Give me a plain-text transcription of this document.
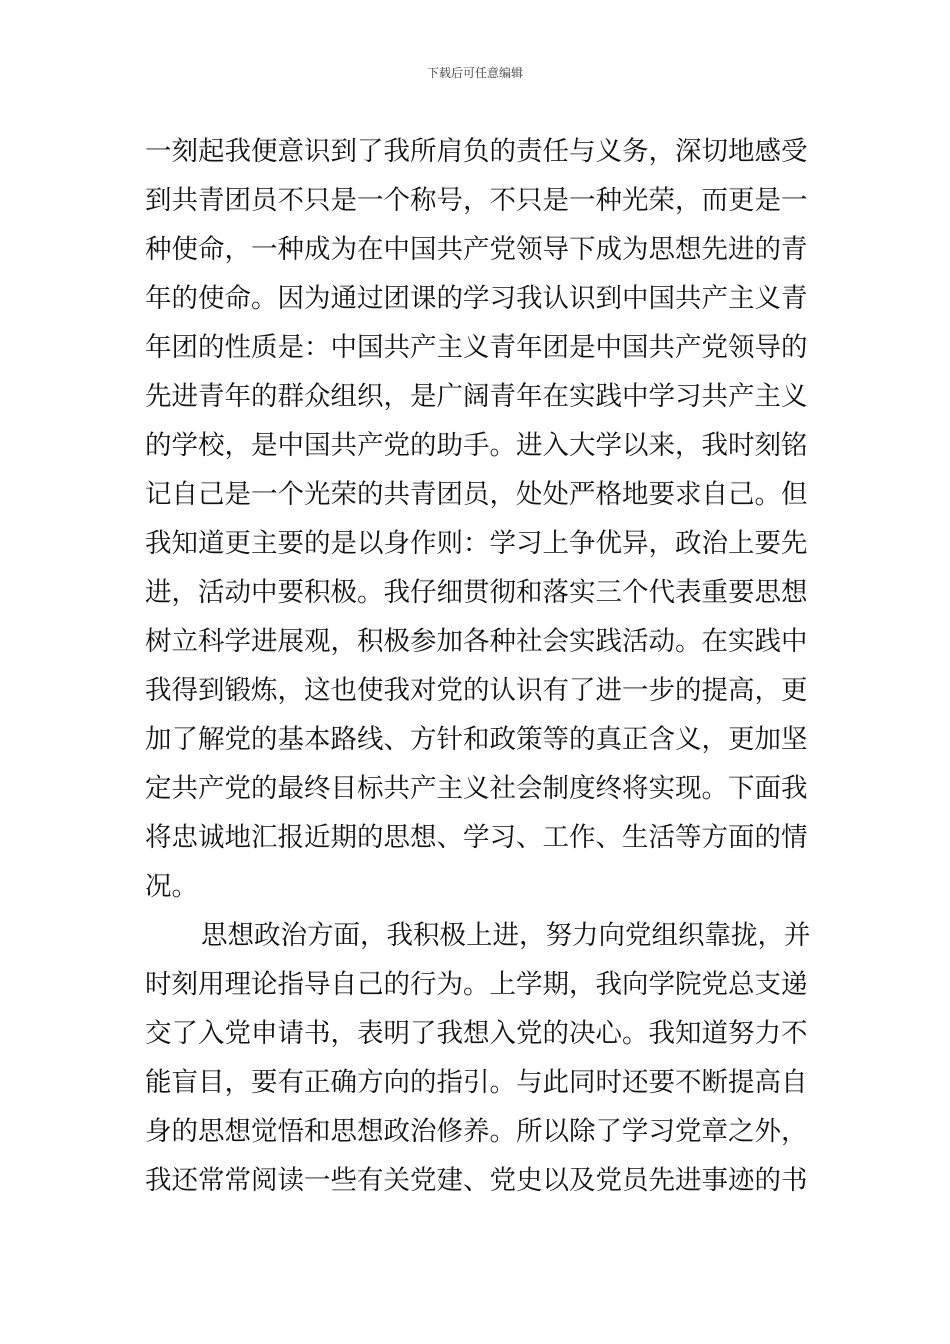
下载后可任意编辑
一刻起我便意识到了我所肩负的责任与义务，深切地感受
到共青团员不只是一个称号，不只是一种光荣，而更是一
种使命，一种成为在中国共产党领导下成为思想先进的青
年的使命。因为通过团课的学习我认识到中国共产主义青
年团的性质是：中国共产主义青年团是中国共产党领导的
先进青年的群众组织，是广阔青年在实践中学习共产主义
的学校，是中国共产党的助手。进入大学以来，我时刻铭
记自己是一个光荣的共青团员，处处严格地要求自己。但
我知道更主要的是以身作则：学习上争优异，政治上要先
进，活动中要积极。我仔细贯彻和落实三个代表重要思想
树立科学进展观，积极参加各种社会实践活动。在实践中
我得到锻炼，这也使我对党的认识有了进一步的提高，更
加了解党的基本路线、方针和政策等的真正含义，更加坚
定共产党的最终目标共产主义社会制度终将实现。下面我
将忠诚地汇报近期的思想、学习、工作、生活等方面的情
况。
思想政治方面，我积极上进，努力向党组织靠拢，并
时刻用理论指导自己的行为。上学期，我向学院党总支递
交了入党申请书，表明了我想入党的决心。我知道努力不
能盲目，要有正确方向的指引。与此同时还要不断提高自
身的思想觉悟和思想政治修养。所以除了学习党章之外，
我还常常阅读一些有关党建、党史以及党员先进事迹的书
